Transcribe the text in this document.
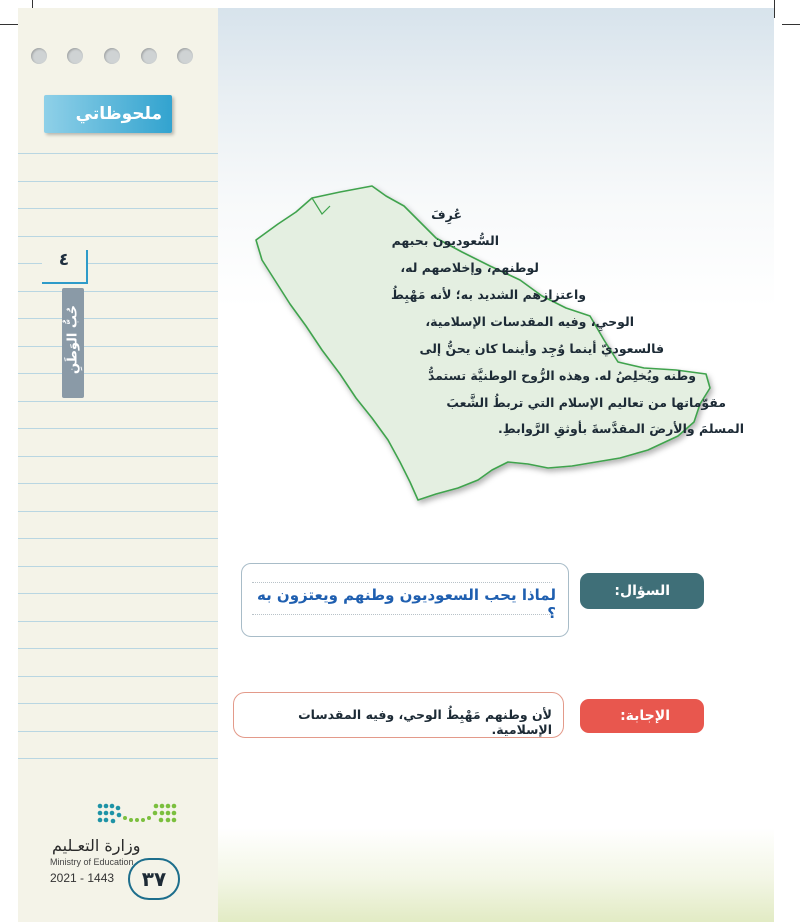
ملحوظاتي
٤
حُبُّ الوَطَنِ
وزارة التعـليم
Ministry of Education
2021 - 1443	٣٧
عُرِفَ
السُّعوديون بحبهم
لوطنهم، وإخلاصهم له،
واعتزازهم الشديد به؛ لأنه مَهْبِطُ
الوحيِ، وفيه المقدسات الإسلامية،
فالسعوديّ أينما وُجِد وأينما كان يحنُّ إلى
وطنه ويُخلِصُ له. وهذه الرُّوح الوطنيَّة تستمدُّ
مقوّماتها من تعاليم الإسلام التي تربطُ الشَّعبَ
المسلمَ والأرضَ المقدَّسةَ بأوثقِ الرَّوابطِ.
لماذا يحب السعوديون وطنهم ويعتزون به ؟
السؤال:
لأن وطنهم مَهْبِطُ الوحي، وفيه المقدسات الإسلامية.
الإجابة:
